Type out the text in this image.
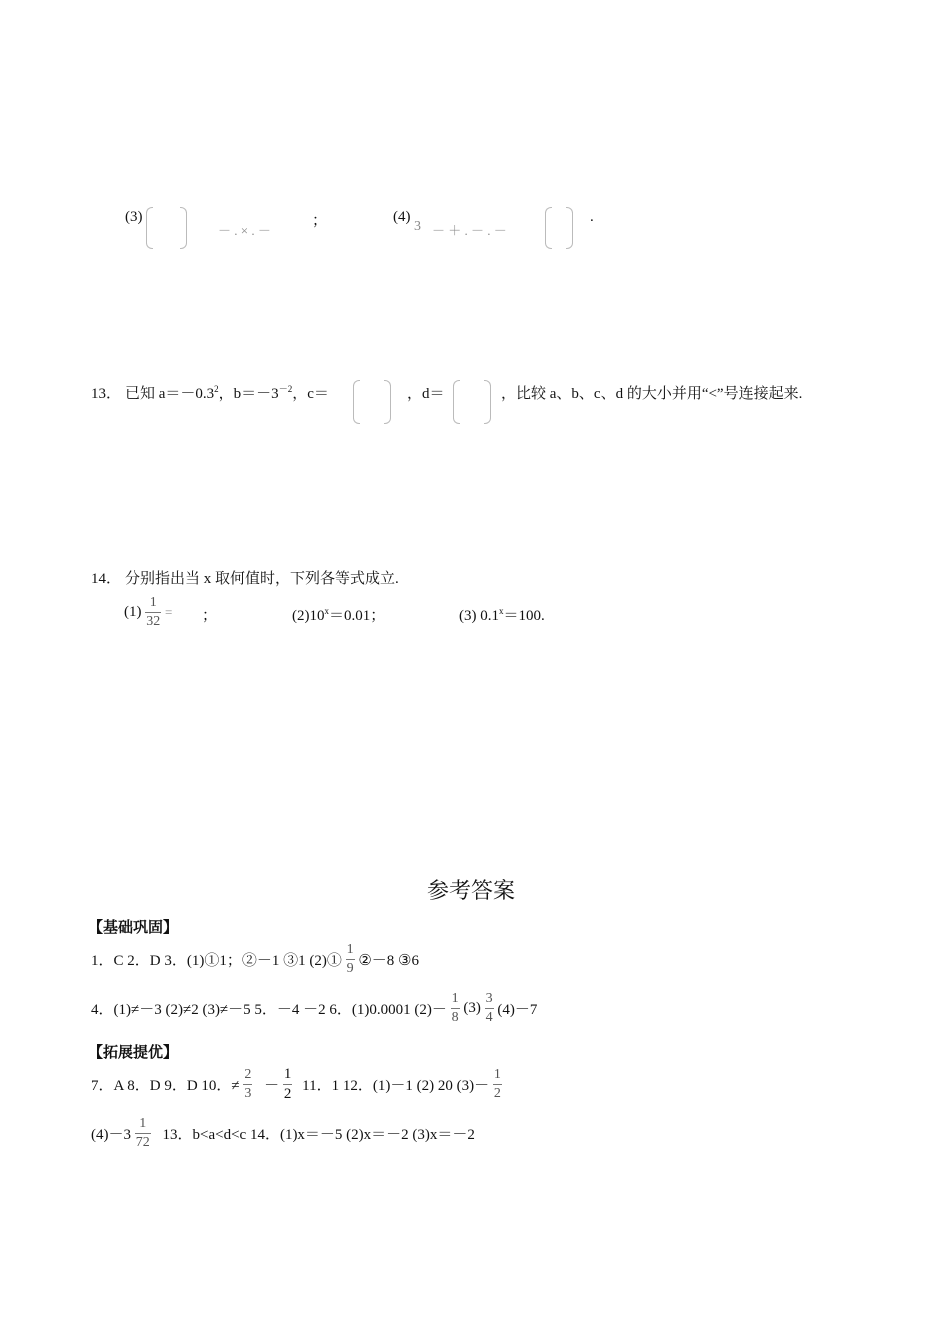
(3)
－ . × . －
；	(4)
3 － ＋ . － . －
.
13． 已知 $a=-0.3^2$，$b=-3^{-2}$，c＝	，d＝	，比较 a、b、c、d 的大小并用“<”号连接起来.
14． 分别指出当 x 取何值时，下列各等式成立.
$(1) \frac{1}{32}$ = ；	$(2)10^x=0.01$；	(3) $0.1^x=100$.
参考答案
【基础巩固】
1．C 2．D 3．(1)①1；②－1 ③1 (2)① $\frac{1}{9}$ ②－8 ③6
4．(1)≠－3 (2)≠2 (3)≠－5 5．－4 －2 6．(1)0.0001 $(2)- \frac{1}{8} (3) \frac{3}{4} (4)-7$
【拓展提优】
7．A 8．D 9．D 10．≠ $\frac{2}{3} - \frac{1}{2} 11$．1 12．(1)－1 (2) 20 $(3)- \frac{1}{2}$
$(4)-3 \frac{1}{72} 13$．b<a<d<c 14．(1)x＝－5 (2)x＝－2 (3)x＝－2
